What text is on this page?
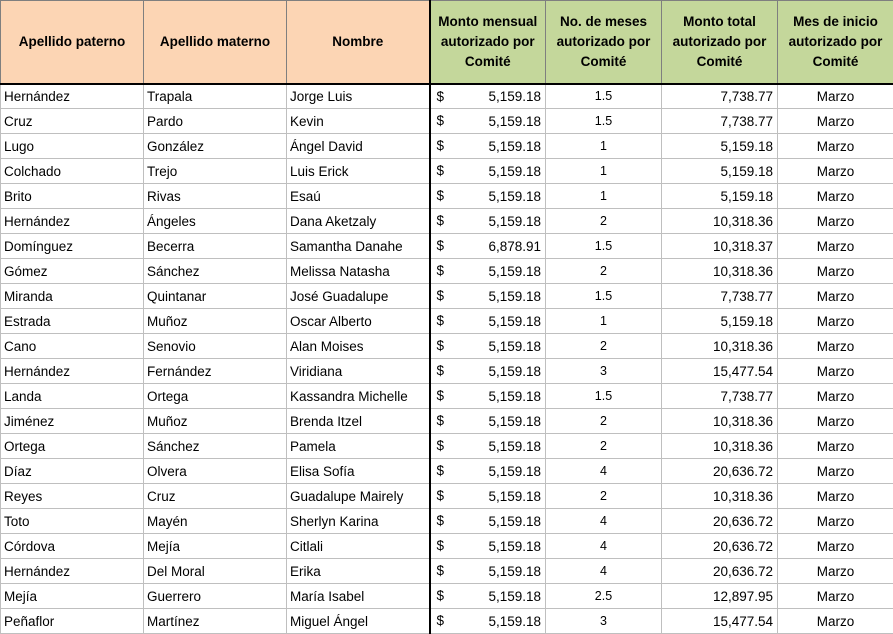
Apellido paterno	Apellido materno	Nombre	Monto mensual autorizado por Comité	No. de meses autorizado por Comité	Monto total autorizado por Comité	Mes de inicio autorizado por Comité
Hernández	Trapala	Jorge Luis	$ 5,159.18	1.5	7,738.77	Marzo
Cruz	Pardo	Kevin	$ 5,159.18	1.5	7,738.77	Marzo
Lugo	González	Ángel David	$ 5,159.18	1	5,159.18	Marzo
Colchado	Trejo	Luis Erick	$ 5,159.18	1	5,159.18	Marzo
Brito	Rivas	Esaú	$ 5,159.18	1	5,159.18	Marzo
Hernández	Ángeles	Dana Aketzaly	$ 5,159.18	2	10,318.36	Marzo
Domínguez	Becerra	Samantha Danahe	$ 6,878.91	1.5	10,318.37	Marzo
Gómez	Sánchez	Melissa Natasha	$ 5,159.18	2	10,318.36	Marzo
Miranda	Quintanar	José Guadalupe	$ 5,159.18	1.5	7,738.77	Marzo
Estrada	Muñoz	Oscar Alberto	$ 5,159.18	1	5,159.18	Marzo
Cano	Senovio	Alan Moises	$ 5,159.18	2	10,318.36	Marzo
Hernández	Fernández	Viridiana	$ 5,159.18	3	15,477.54	Marzo
Landa	Ortega	Kassandra Michelle	$ 5,159.18	1.5	7,738.77	Marzo
Jiménez	Muñoz	Brenda Itzel	$ 5,159.18	2	10,318.36	Marzo
Ortega	Sánchez	Pamela	$ 5,159.18	2	10,318.36	Marzo
Díaz	Olvera	Elisa Sofía	$ 5,159.18	4	20,636.72	Marzo
Reyes	Cruz	Guadalupe Mairely	$ 5,159.18	2	10,318.36	Marzo
Toto	Mayén	Sherlyn Karina	$ 5,159.18	4	20,636.72	Marzo
Córdova	Mejía	Citlali	$ 5,159.18	4	20,636.72	Marzo
Hernández	Del Moral	Erika	$ 5,159.18	4	20,636.72	Marzo
Mejía	Guerrero	María Isabel	$ 5,159.18	2.5	12,897.95	Marzo
Peñaflor	Martínez	Miguel Ángel	$ 5,159.18	3	15,477.54	Marzo
